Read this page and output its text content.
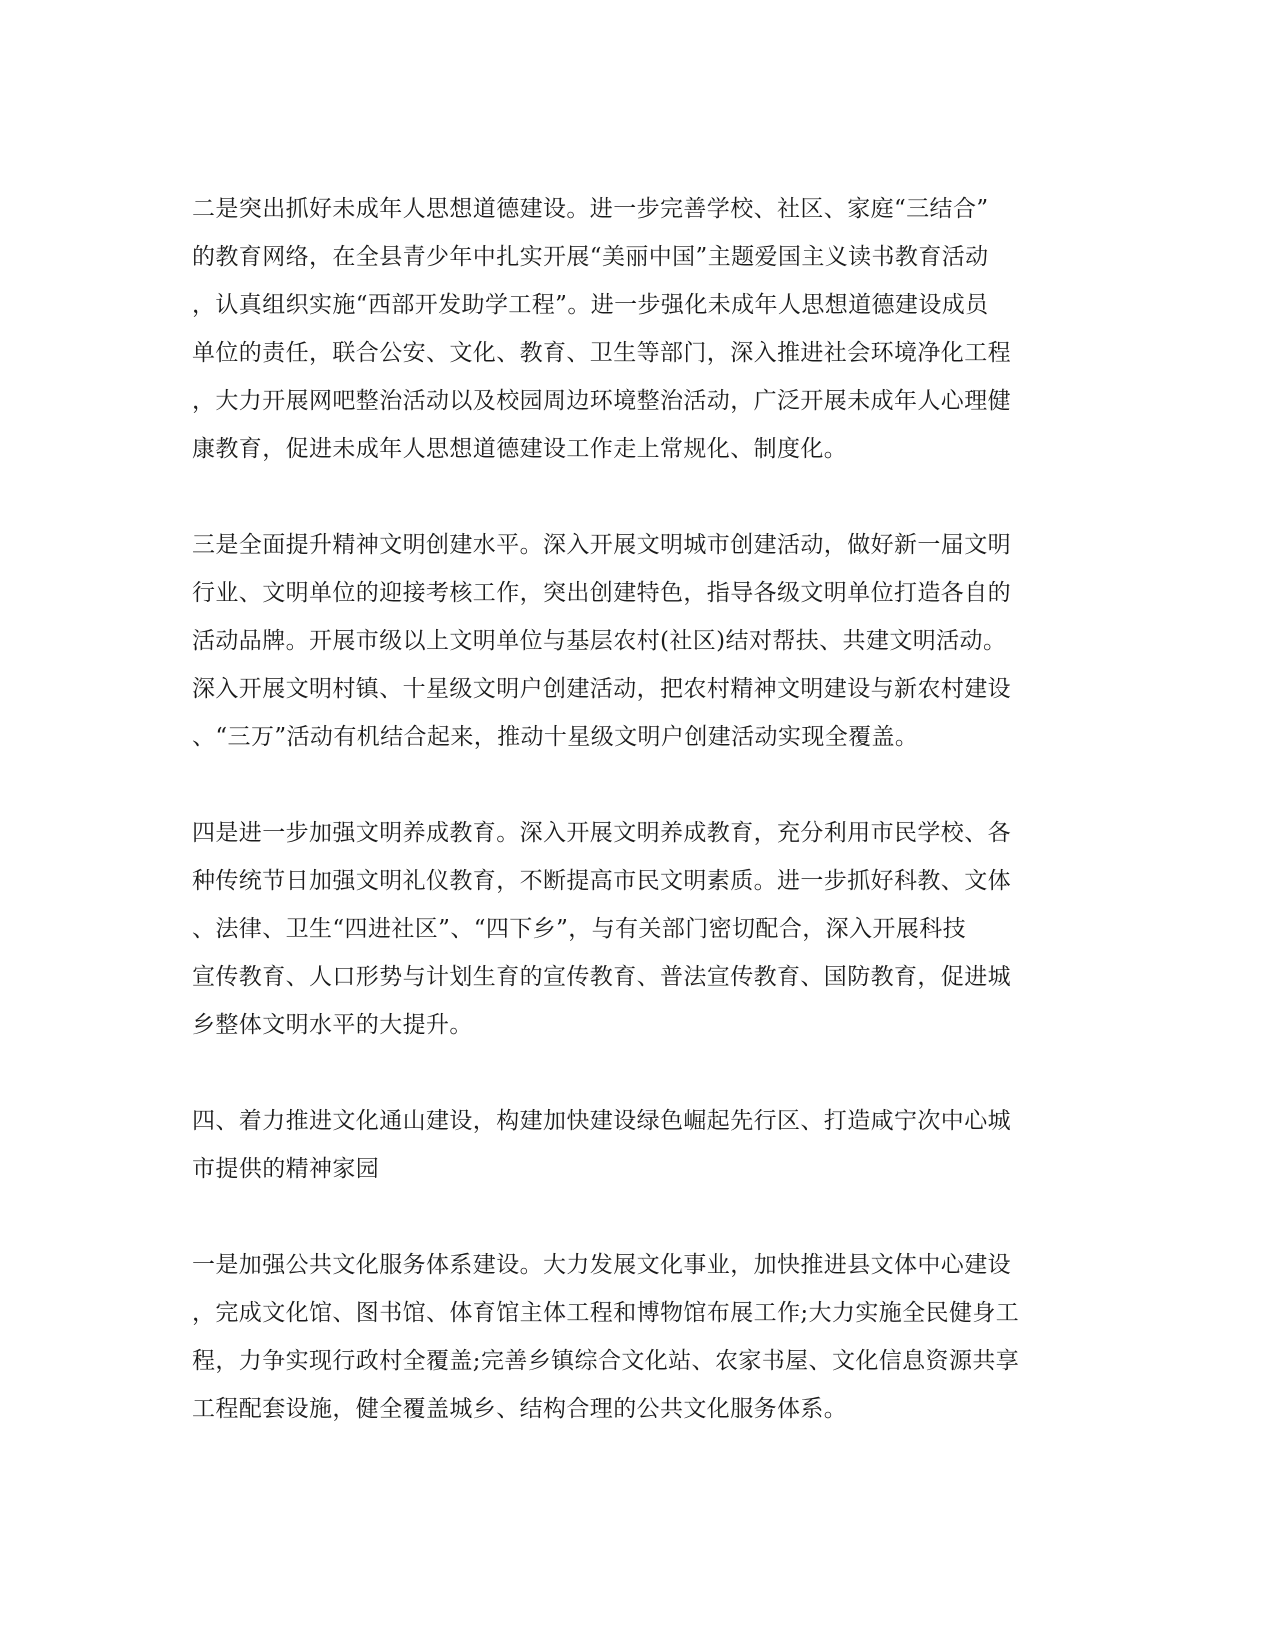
二是突出抓好未成年人思想道德建设。进一步完善学校、社区、家庭“三结合”
的教育网络，在全县青少年中扎实开展“美丽中国”主题爱国主义读书教育活动
，认真组织实施“西部开发助学工程”。进一步强化未成年人思想道德建设成员
单位的责任，联合公安、文化、教育、卫生等部门，深入推进社会环境净化工程
，大力开展网吧整治活动以及校园周边环境整治活动，广泛开展未成年人心理健
康教育，促进未成年人思想道德建设工作走上常规化、制度化。

三是全面提升精神文明创建水平。深入开展文明城市创建活动，做好新一届文明
行业、文明单位的迎接考核工作，突出创建特色，指导各级文明单位打造各自的
活动品牌。开展市级以上文明单位与基层农村(社区)结对帮扶、共建文明活动。
深入开展文明村镇、十星级文明户创建活动，把农村精神文明建设与新农村建设
、“三万”活动有机结合起来，推动十星级文明户创建活动实现全覆盖。

四是进一步加强文明养成教育。深入开展文明养成教育，充分利用市民学校、各
种传统节日加强文明礼仪教育，不断提高市民文明素质。进一步抓好科教、文体
、法律、卫生“四进社区”、“四下乡”，与有关部门密切配合，深入开展科技
宣传教育、人口形势与计划生育的宣传教育、普法宣传教育、国防教育，促进城
乡整体文明水平的大提升。

四、着力推进文化通山建设，构建加快建设绿色崛起先行区、打造咸宁次中心城
市提供的精神家园

一是加强公共文化服务体系建设。大力发展文化事业，加快推进县文体中心建设
，完成文化馆、图书馆、体育馆主体工程和博物馆布展工作;大力实施全民健身工
程，力争实现行政村全覆盖;完善乡镇综合文化站、农家书屋、文化信息资源共享
工程配套设施，健全覆盖城乡、结构合理的公共文化服务体系。
